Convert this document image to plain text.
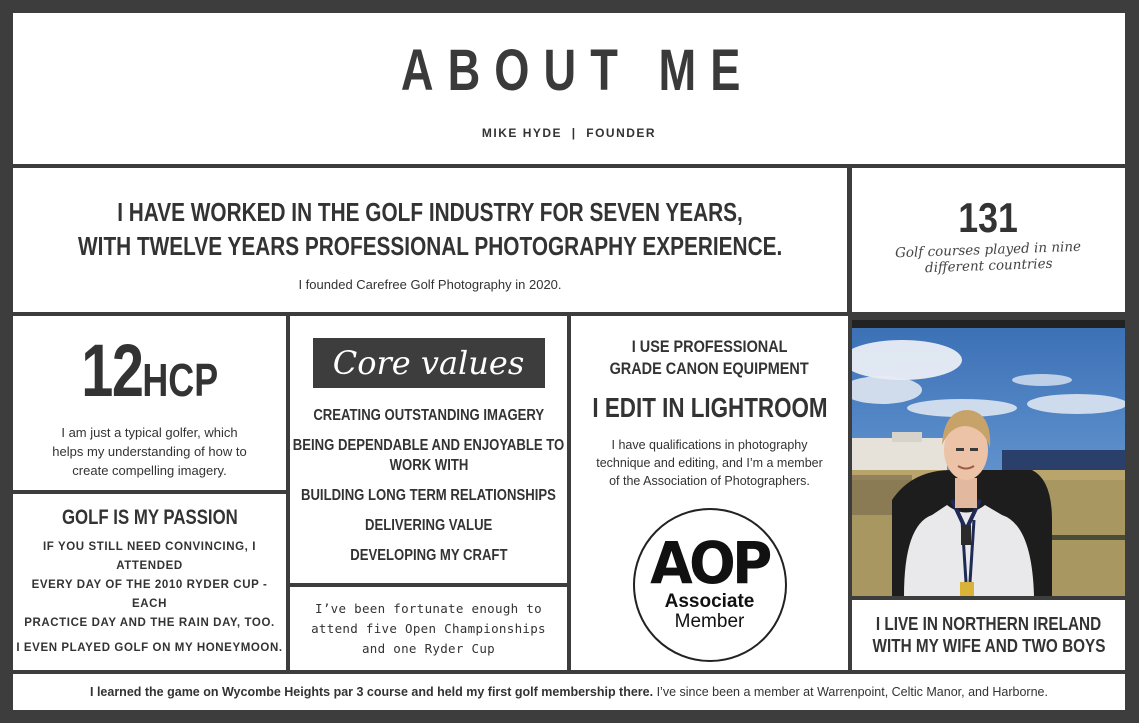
ABOUT ME
MIKE HYDE  |  FOUNDER
I HAVE WORKED IN THE GOLF INDUSTRY FOR SEVEN YEARS,
WITH TWELVE YEARS PROFESSIONAL PHOTOGRAPHY EXPERIENCE.
I founded Carefree Golf Photography in 2020.
131
Golf courses played in nine
different countries
12 HCP
I am just a typical golfer, which
helps my understanding of how to
create compelling imagery.
GOLF IS MY PASSION
IF YOU STILL NEED CONVINCING, I ATTENDED
EVERY DAY OF THE 2010 RYDER CUP - EACH
PRACTICE DAY AND THE RAIN DAY, TOO.
I EVEN PLAYED GOLF ON MY HONEYMOON.
Core values
CREATING OUTSTANDING IMAGERY
BEING DEPENDABLE AND ENJOYABLE TO
WORK WITH
BUILDING LONG TERM RELATIONSHIPS
DELIVERING VALUE
DEVELOPING MY CRAFT
I’ve been fortunate enough to
attend five Open Championships
and one Ryder Cup
I USE PROFESSIONAL
GRADE CANON EQUIPMENT
I EDIT IN LIGHTROOM
I have qualifications in photography
technique and editing, and I’m a member
of the Association of Photographers.
AOP
Associate
Member	I LIVE IN NORTHERN IRELAND
WITH MY WIFE AND TWO BOYS
I learned the game on Wycombe Heights par 3 course and held my first golf membership there. I’ve since been a member at Warrenpoint, Celtic Manor, and Harborne.
